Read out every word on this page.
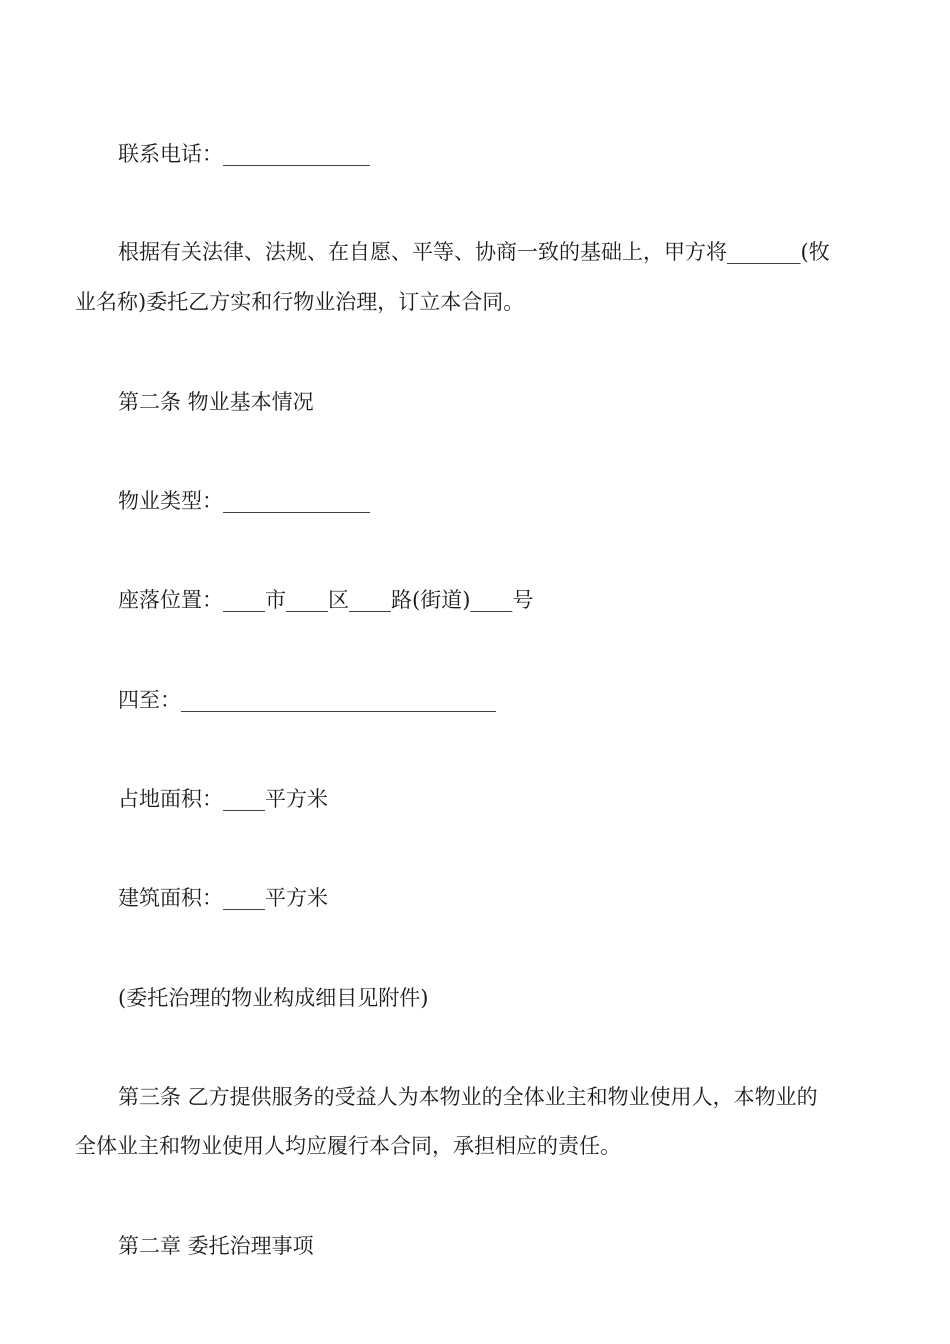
联系电话：______________
根据有关法律、法规、在自愿、平等、协商一致的基础上，甲方将_______(牧
业名称)委托乙方实和行物业治理，订立本合同。
第二条 物业基本情况
物业类型：______________
座落位置：____市____区____路(街道)____号
四至：______________________________
占地面积：____平方米
建筑面积：____平方米
(委托治理的物业构成细目见附件)
第三条 乙方提供服务的受益人为本物业的全体业主和物业使用人，本物业的
全体业主和物业使用人均应履行本合同，承担相应的责任。
第二章 委托治理事项
